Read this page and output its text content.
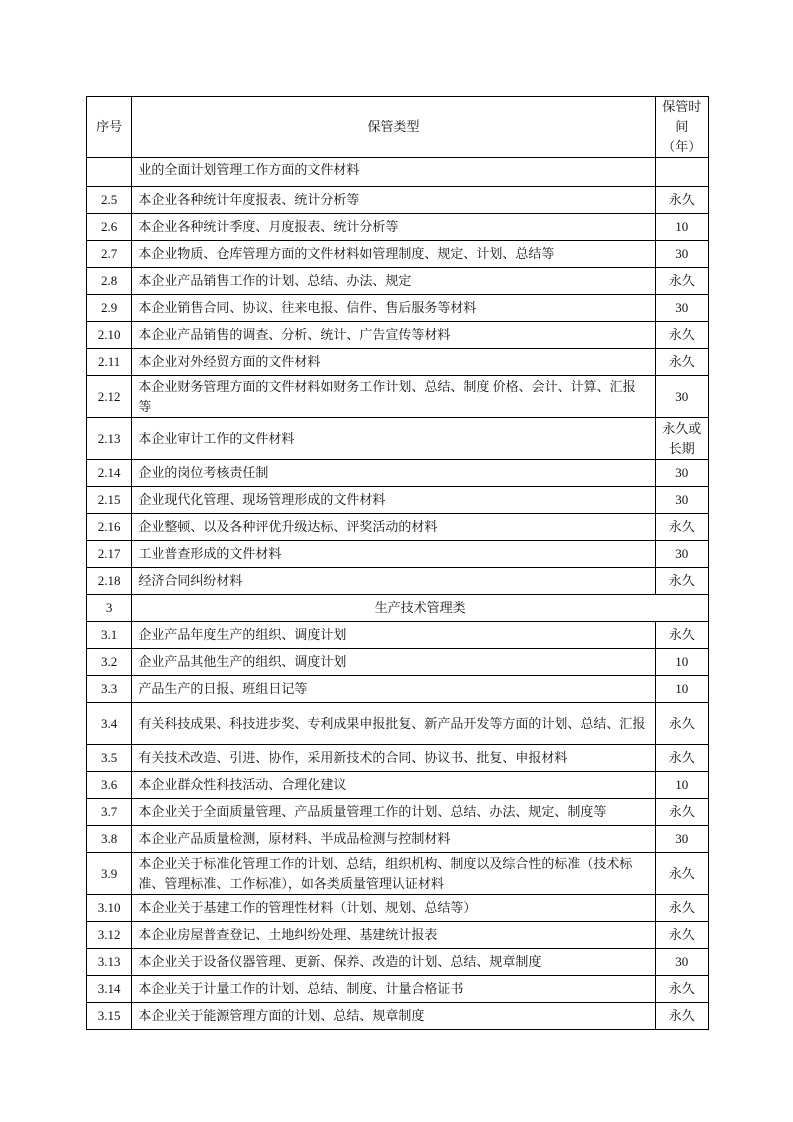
序号	保管类型	保管时间（年）
	业的全面计划管理工作方面的文件材料	
2.5	本企业各种统计年度报表、统计分析等	永久
2.6	本企业各种统计季度、月度报表、统计分析等	10
2.7	本企业物质、仓库管理方面的文件材料如管理制度、规定、计划、总结等	30
2.8	本企业产品销售工作的计划、总结、办法、规定	永久
2.9	本企业销售合同、协议、往来电报、信件、售后服务等材料	30
2.10	本企业产品销售的调查、分析、统计、广告宣传等材料	永久
2.11	本企业对外经贸方面的文件材料	永久
2.12	本企业财务管理方面的文件材料如财务工作计划、总结、制度 价格、会计、计算、汇报等	30
2.13	本企业审计工作的文件材料	永久或长期
2.14	企业的岗位考核责任制	30
2.15	企业现代化管理、现场管理形成的文件材料	30
2.16	企业整顿、以及各种评优升级达标、评奖活动的材料	永久
2.17	工业普查形成的文件材料	30
2.18	经济合同纠纷材料	永久
3	生产技术管理类	
3.1	企业产品年度生产的组织、调度计划	永久
3.2	企业产品其他生产的组织、调度计划	10
3.3	产品生产的日报、班组日记等	10
3.4	有关科技成果、科技进步奖、专利成果申报批复、新产品开发等方面的计划、总结、汇报	永久
3.5	有关技术改造、引进、协作，采用新技术的合同、协议书、批复、申报材料	永久
3.6	本企业群众性科技活动、合理化建议	10
3.7	本企业关于全面质量管理、产品质量管理工作的计划、总结、办法、规定、制度等	永久
3.8	本企业产品质量检测，原材料、半成品检测与控制材料	30
3.9	本企业关于标准化管理工作的计划、总结，组织机构、制度以及综合性的标准（技术标准、管理标准、工作标准），如各类质量管理认证材料	永久
3.10	本企业关于基建工作的管理性材料（计划、规划、总结等）	永久
3.12	本企业房屋普查登记、土地纠纷处理、基建统计报表	永久
3.13	本企业关于设备仪器管理、更新、保养、改造的计划、总结、规章制度	30
3.14	本企业关于计量工作的计划、总结、制度、计量合格证书	永久
3.15	本企业关于能源管理方面的计划、总结、规章制度	永久
